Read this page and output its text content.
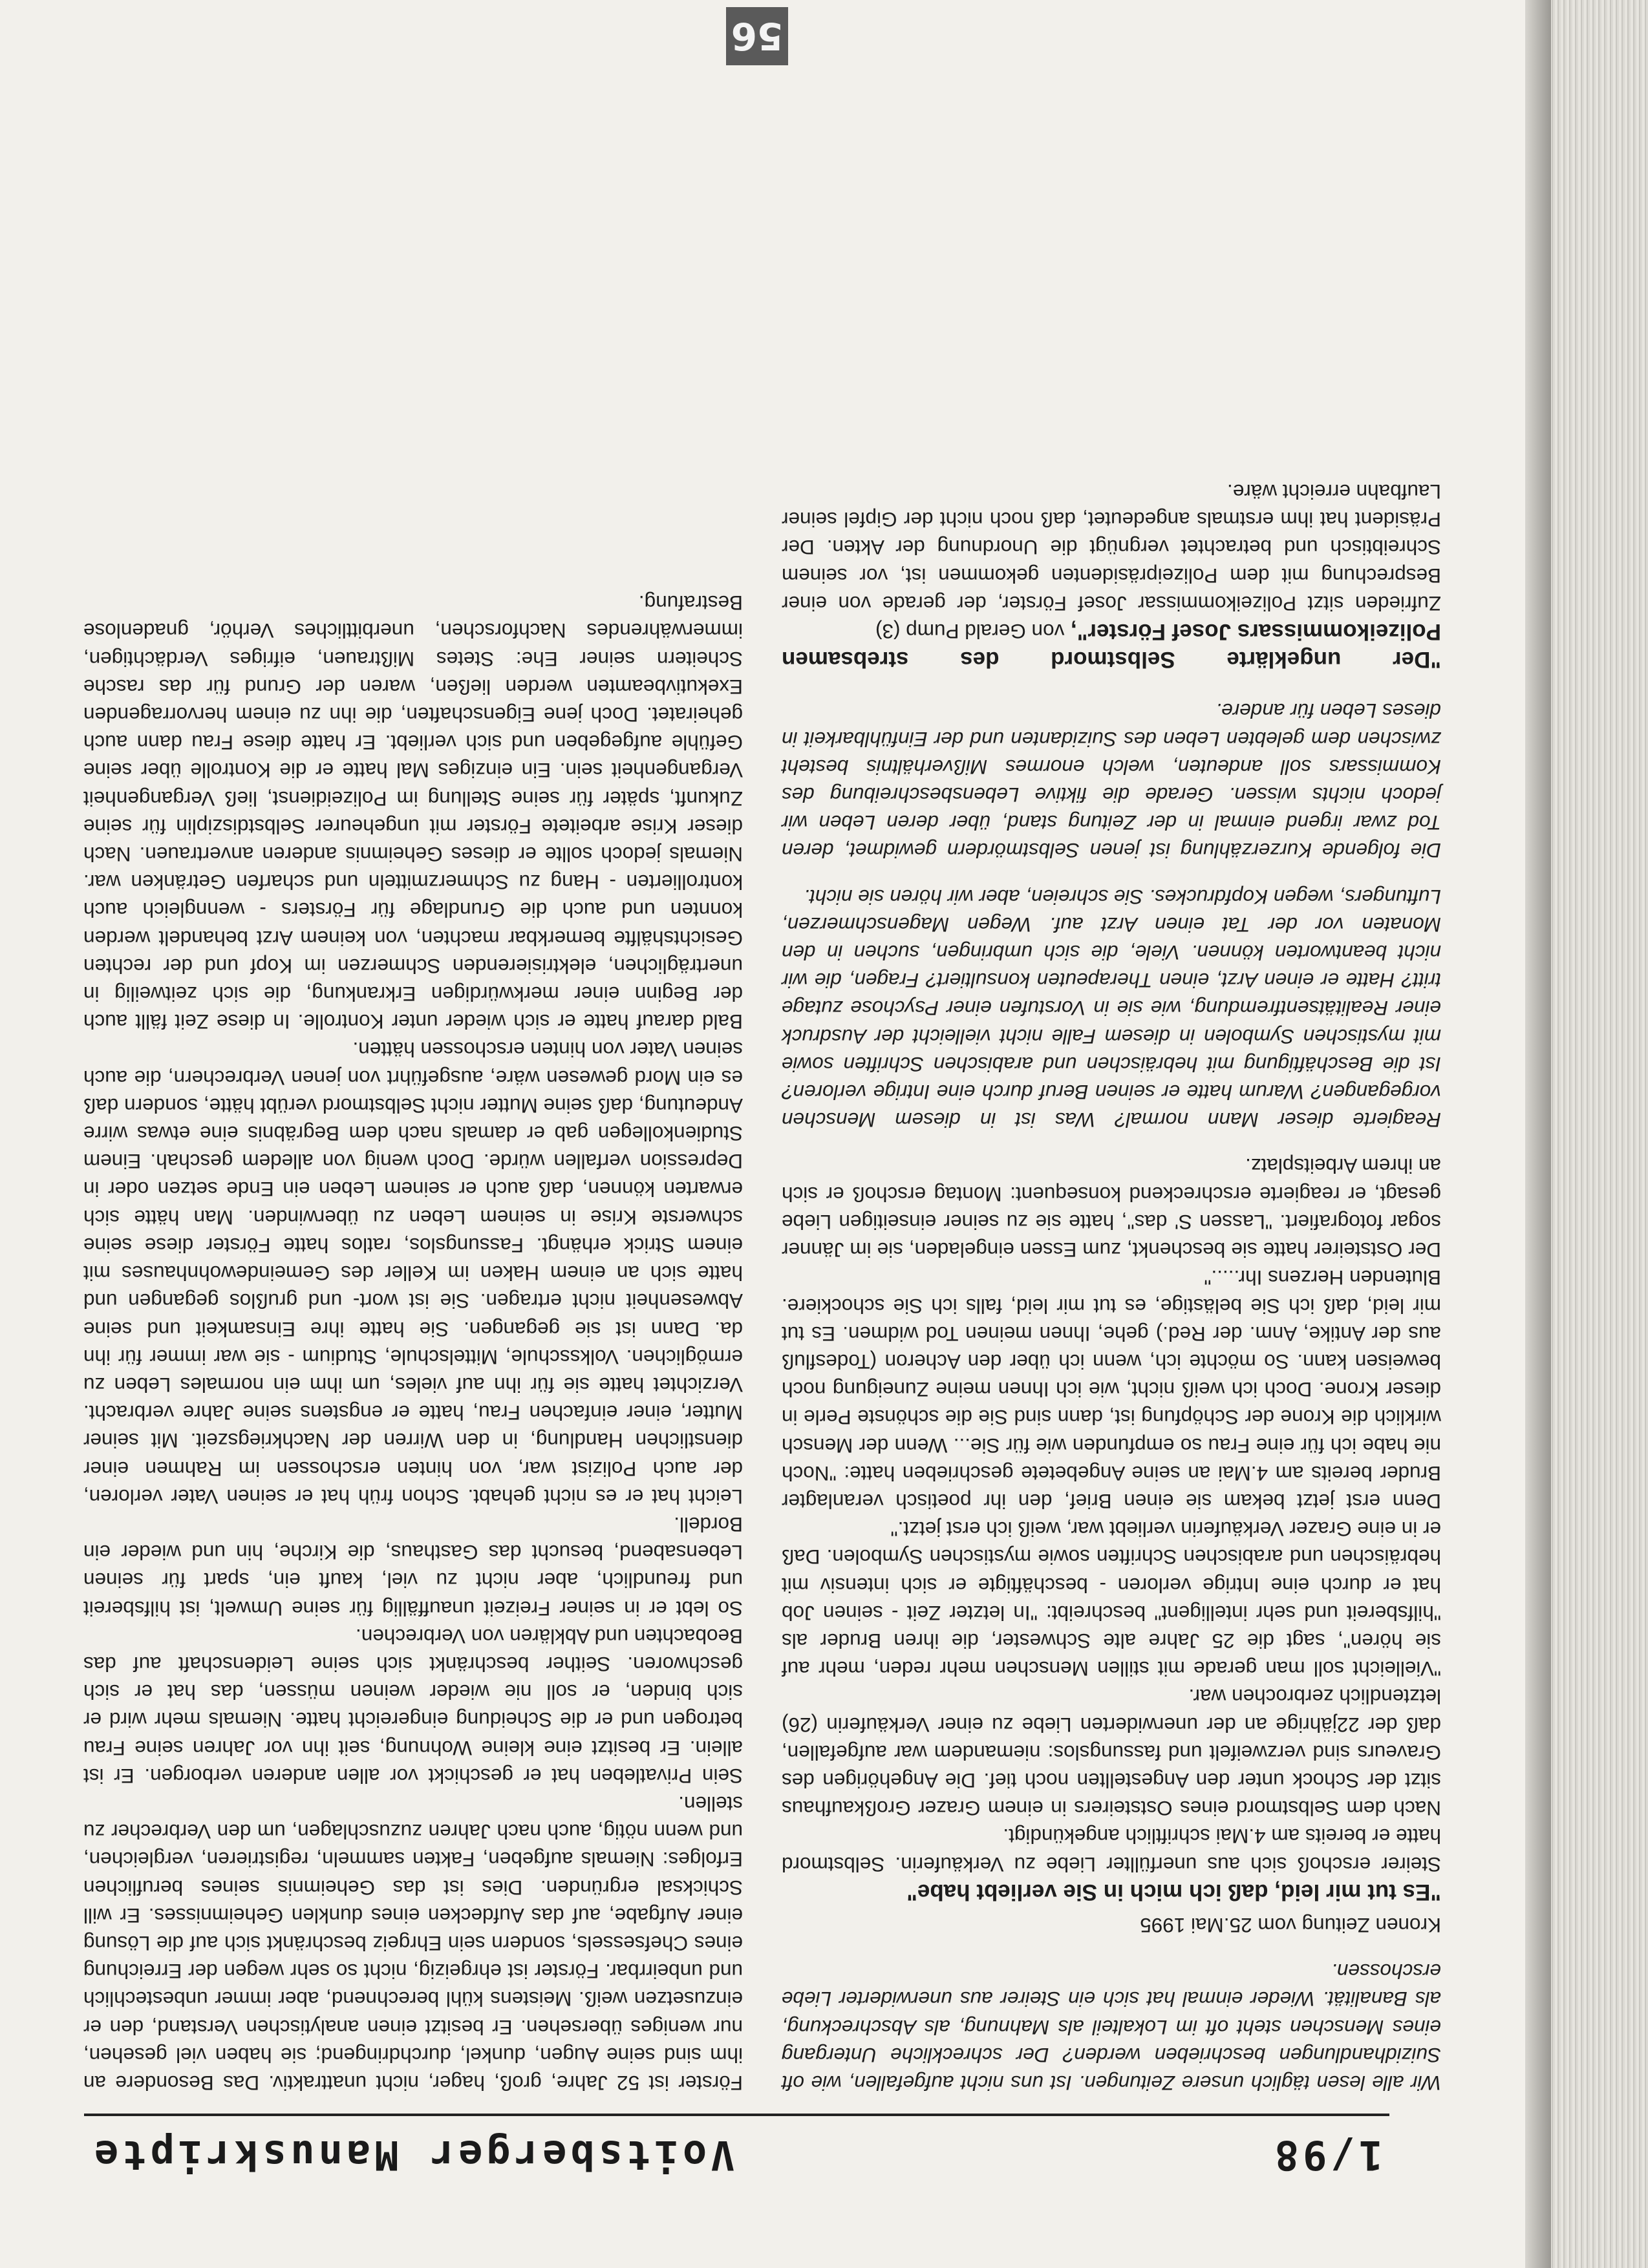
1/98
Voitsberger Manuskripte

Wir alle lesen täglich unsere Zeitungen. Ist uns nicht aufgefallen, wie oft Suizidhandlungen beschrieben werden? Der schreckliche Untergang eines Menschen steht oft im Lokalteil als Mahnung, als Abschreckung, als Banalität. Wieder einmal hat sich ein Steirer aus unerwiderter Liebe erschossen.

Kronen Zeitung vom 25.Mai 1995

"Es tut mir leid, daß ich mich in Sie verliebt habe"

Steirer erschoß sich aus unerfüllter Liebe zu Verkäuferin. Selbstmord hatte er bereits am 4.Mai schriftlich angekündigt.

Nach dem Selbstmord eines Oststeirers in einem Grazer Großkaufhaus sitzt der Schock unter den Angestellten noch tief. Die Angehörigen des Graveurs sind verzweifelt und fassungslos: niemandem war aufgefallen, daß der 22jährige an der unerwiderten Liebe zu einer Verkäuferin (26) letztendlich zerbrochen war.

"Vielleicht soll man gerade mit stillen Menschen mehr reden, mehr auf sie hören", sagt die 25 Jahre alte Schwester, die ihren Bruder als "hilfsbereit und sehr intelligent" beschreibt: "In letzter Zeit - seinen Job hat er durch eine Intrige verloren - beschäftigte er sich intensiv mit hebräischen und arabischen Schriften sowie mystischen Symbolen. Daß er in eine Grazer Verkäuferin verliebt war, weiß ich erst jetzt."

Denn erst jetzt bekam sie einen Brief, den ihr poetisch veranlagter Bruder bereits am 4.Mai an seine Angebetete geschrieben hatte: "Noch nie habe ich für eine Frau so empfunden wie für Sie... Wenn der Mensch wirklich die Krone der Schöpfung ist, dann sind Sie die schönste Perle in dieser Krone. Doch ich weiß nicht, wie ich Ihnen meine Zuneigung noch beweisen kann. So möchte ich, wenn ich über den Acheron (Todesfluß aus der Antike, Anm. der Red.) gehe, Ihnen meinen Tod widmen. Es tut mir leid, daß ich Sie belästige, es tut mir leid, falls ich Sie schockiere. Blutenden Herzens Ihr....."

Der Oststeirer hatte sie beschenkt, zum Essen eingeladen, sie im Jänner sogar fotografiert. "Lassen S' das", hatte sie zu seiner einseitigen Liebe gesagt, er reagierte erschreckend konsequent: Montag erschoß er sich an ihrem Arbeitsplatz.

Reagierte dieser Mann normal? Was ist in diesem Menschen vorgegangen? Warum hatte er seinen Beruf durch eine Intrige verloren? Ist die Beschäftigung mit hebräischen und arabischen Schriften sowie mit mystischen Symbolen in diesem Falle nicht vielleicht der Ausdruck einer Realitätsentfremdung, wie sie in Vorstufen einer Psychose zutage tritt? Hatte er einen Arzt, einen Therapeuten konsultiert? Fragen, die wir nicht beantworten können. Viele, die sich umbringen, suchen in den Monaten vor der Tat einen Arzt auf. Wegen Magenschmerzen, Luftungers, wegen Kopfdruckes. Sie schreien, aber wir hören sie nicht.

Die folgende Kurzerzählung ist jenen Selbstmördern gewidmet, deren Tod zwar irgend einmal in der Zeitung stand, über deren Leben wir jedoch nichts wissen. Gerade die fiktive Lebensbeschreibung des Kommissars soll andeuten, welch enormes Mißverhältnis besteht zwischen dem gelebten Leben des Suizidanten und der Einfühlbarkeit in dieses Leben für andere.

"Der ungeklärte Selbstmord des strebsamen Polizeikommissars Josef Förster", von Gerald Pump (3)

Zufrieden sitzt Polizeikommissar Josef Förster, der gerade von einer Besprechung mit dem Polizeipräsidenten gekommen ist, vor seinem Schreibtisch und betrachtet vergnügt die Unordnung der Akten. Der Präsident hat ihm erstmals angedeutet, daß noch nicht der Gipfel seiner Laufbahn erreicht wäre.

Förster ist 52 Jahre, groß, hager, nicht unattraktiv. Das Besondere an ihm sind seine Augen, dunkel, durchdringend; sie haben viel gesehen, nur weniges übersehen. Er besitzt einen analytischen Verstand, den er einzusetzen weiß. Meistens kühl berechnend, aber immer unbestechlich und unbeirrbar. Förster ist ehrgeizig, nicht so sehr wegen der Erreichung eines Chefsessels, sondern sein Ehrgeiz beschränkt sich auf die Lösung einer Aufgabe, auf das Aufdecken eines dunklen Geheimnisses. Er will Schicksal ergründen. Dies ist das Geheimnis seines beruflichen Erfolges: Niemals aufgeben, Fakten sammeln, registrieren, vergleichen, und wenn nötig, auch nach Jahren zuzuschlagen, um den Verbrecher zu stellen.

Sein Privatleben hat er geschickt vor allen anderen verborgen. Er ist allein. Er besitzt eine kleine Wohnung, seit ihn vor Jahren seine Frau betrogen und er die Scheidung eingereicht hatte. Niemals mehr wird er sich binden, er soll nie wieder weinen müssen, das hat er sich geschworen. Seither beschränkt sich seine Leidenschaft auf das Beobachten und Abklären von Verbrechen.

So lebt er in seiner Freizeit unauffällig für seine Umwelt, ist hilfsbereit und freundlich, aber nicht zu viel, kauft ein, spart für seinen Lebensabend, besucht das Gasthaus, die Kirche, hin und wieder ein Bordell.

Leicht hat er es nicht gehabt. Schon früh hat er seinen Vater verloren, der auch Polizist war, von hinten erschossen im Rahmen einer dienstlichen Handlung, in den Wirren der Nachkriegszeit. Mit seiner Mutter, einer einfachen Frau, hatte er engstens seine Jahre verbracht. Verzichtet hatte sie für ihn auf vieles, um ihm ein normales Leben zu ermöglichen. Volksschule, Mittelschule, Studium - sie war immer für ihn da. Dann ist sie gegangen. Sie hatte ihre Einsamkeit und seine Abwesenheit nicht ertragen. Sie ist wort- und grußlos gegangen und hatte sich an einem Haken im Keller des Gemeindewohnhauses mit einem Strick erhängt. Fassungslos, ratlos hatte Förster diese seine schwerste Krise in seinem Leben zu überwinden. Man hätte sich erwarten können, daß auch er seinem Leben ein Ende setzen oder in Depression verfallen würde. Doch wenig von alledem geschah. Einem Studienkollegen gab er damals nach dem Begräbnis eine etwas wirre Andeutung, daß seine Mutter nicht Selbstmord verübt hätte, sondern daß es ein Mord gewesen wäre, ausgeführt von jenen Verbrechern, die auch seinen Vater von hinten erschossen hätten.

Bald darauf hatte er sich wieder unter Kontrolle. In diese Zeit fällt auch der Beginn einer merkwürdigen Erkrankung, die sich zeitweilig in unerträglichen, elektrisierenden Schmerzen im Kopf und der rechten Gesichtshälfte bemerkbar machten, von keinem Arzt behandelt werden konnten und auch die Grundlage für Försters - wenngleich auch kontrollierten - Hang zu Schmerzmitteln und scharfen Getränken war. Niemals jedoch sollte er dieses Geheimnis anderen anvertrauen. Nach dieser Krise arbeitete Förster mit ungeheurer Selbstdisziplin für seine Zukunft, später für seine Stellung im Polizeidienst, ließ Vergangenheit Vergangenheit sein. Ein einziges Mal hatte er die Kontrolle über seine Gefühle aufgegeben und sich verliebt. Er hatte diese Frau dann auch geheiratet. Doch jene Eigenschaften, die ihn zu einem hervorragenden Exekutivbeamten werden ließen, waren der Grund für das rasche Scheitern seiner Ehe: Stetes Mißtrauen, eifriges Verdächtigen, immerwährendes Nachforschen, unerbittliches Verhör, gnadenlose Bestrafung.

56
